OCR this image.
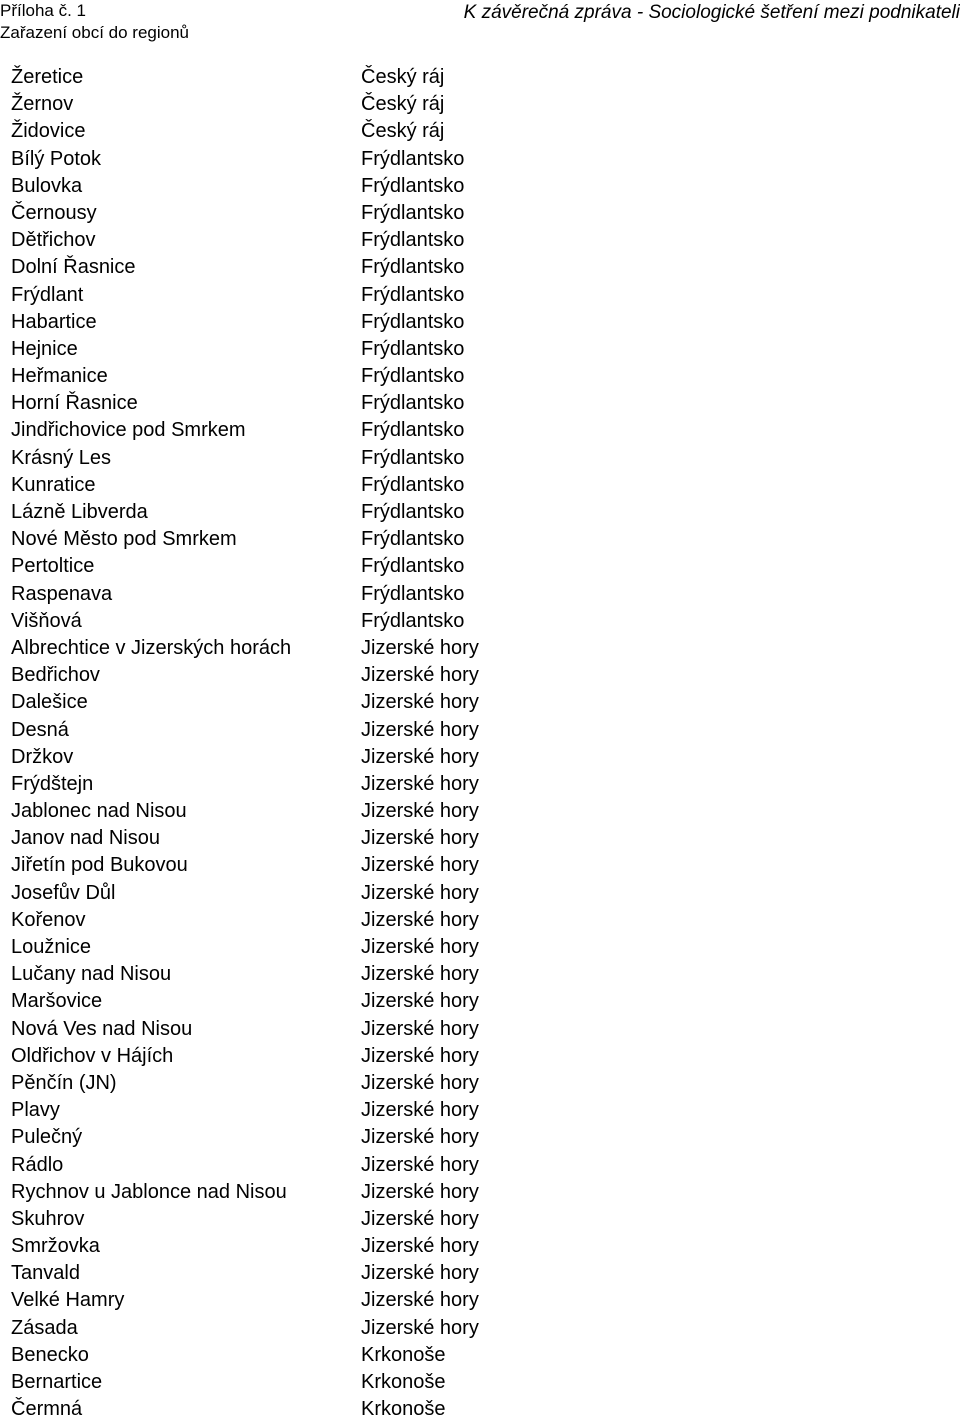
Příloha č. 1
Zařazení obcí do regionů
K závěrečná zpráva - Sociologické šetření mezi podnikateli
Žeretice	Český ráj
Žernov	Český ráj
Židovice	Český ráj
Bílý Potok	Frýdlantsko
Bulovka	Frýdlantsko
Černousy	Frýdlantsko
Dětřichov	Frýdlantsko
Dolní Řasnice	Frýdlantsko
Frýdlant	Frýdlantsko
Habartice	Frýdlantsko
Hejnice	Frýdlantsko
Heřmanice	Frýdlantsko
Horní Řasnice	Frýdlantsko
Jindřichovice pod Smrkem	Frýdlantsko
Krásný Les	Frýdlantsko
Kunratice	Frýdlantsko
Lázně Libverda	Frýdlantsko
Nové Město pod Smrkem	Frýdlantsko
Pertoltice	Frýdlantsko
Raspenava	Frýdlantsko
Višňová	Frýdlantsko
Albrechtice v Jizerských horách	Jizerské hory
Bedřichov	Jizerské hory
Dalešice	Jizerské hory
Desná	Jizerské hory
Držkov	Jizerské hory
Frýdštejn	Jizerské hory
Jablonec nad Nisou	Jizerské hory
Janov nad Nisou	Jizerské hory
Jiřetín pod Bukovou	Jizerské hory
Josefův Důl	Jizerské hory
Kořenov	Jizerské hory
Loužnice	Jizerské hory
Lučany nad Nisou	Jizerské hory
Maršovice	Jizerské hory
Nová Ves nad Nisou	Jizerské hory
Oldřichov v Hájích	Jizerské hory
Pěnčín (JN)	Jizerské hory
Plavy	Jizerské hory
Pulečný	Jizerské hory
Rádlo	Jizerské hory
Rychnov u Jablonce nad Nisou	Jizerské hory
Skuhrov	Jizerské hory
Smržovka	Jizerské hory
Tanvald	Jizerské hory
Velké Hamry	Jizerské hory
Zásada	Jizerské hory
Benecko	Krkonoše
Bernartice	Krkonoše
Čermná	Krkonoše
